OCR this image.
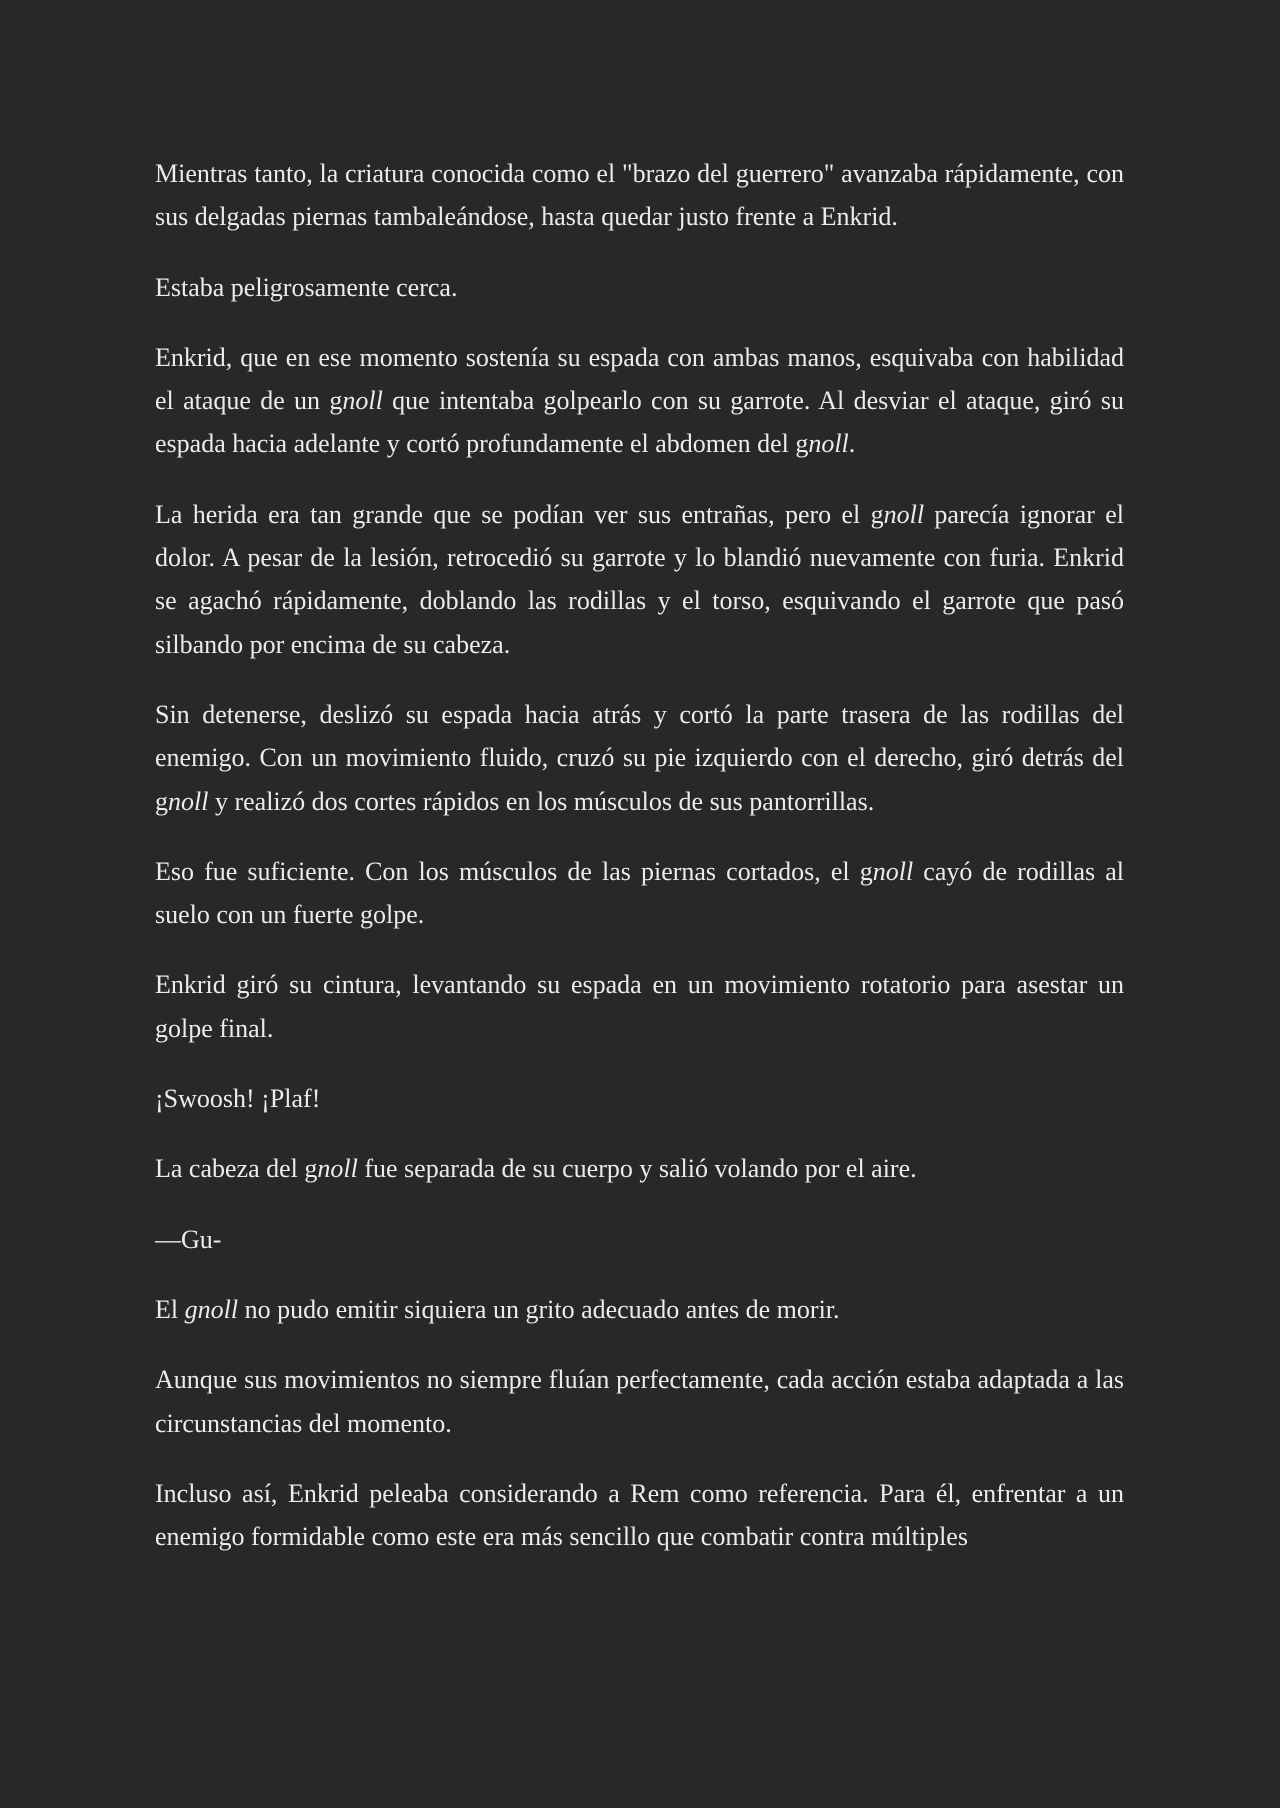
Mientras tanto, la criatura conocida como el "brazo del guerrero" avanzaba rápidamente, con sus delgadas piernas tambaleándose, hasta quedar justo frente a Enkrid.

Estaba peligrosamente cerca.

Enkrid, que en ese momento sostenía su espada con ambas manos, esquivaba con habilidad el ataque de un gnoll que intentaba golpearlo con su garrote. Al desviar el ataque, giró su espada hacia adelante y cortó profundamente el abdomen del gnoll.

La herida era tan grande que se podían ver sus entrañas, pero el gnoll parecía ignorar el dolor. A pesar de la lesión, retrocedió su garrote y lo blandió nuevamente con furia. Enkrid se agachó rápidamente, doblando las rodillas y el torso, esquivando el garrote que pasó silbando por encima de su cabeza.

Sin detenerse, deslizó su espada hacia atrás y cortó la parte trasera de las rodillas del enemigo. Con un movimiento fluido, cruzó su pie izquierdo con el derecho, giró detrás del gnoll y realizó dos cortes rápidos en los músculos de sus pantorrillas.

Eso fue suficiente. Con los músculos de las piernas cortados, el gnoll cayó de rodillas al suelo con un fuerte golpe.

Enkrid giró su cintura, levantando su espada en un movimiento rotatorio para asestar un golpe final.

¡Swoosh! ¡Plaf!

La cabeza del gnoll fue separada de su cuerpo y salió volando por el aire.

—Gu-

El gnoll no pudo emitir siquiera un grito adecuado antes de morir.

Aunque sus movimientos no siempre fluían perfectamente, cada acción estaba adaptada a las circunstancias del momento.

Incluso así, Enkrid peleaba considerando a Rem como referencia. Para él, enfrentar a un enemigo formidable como este era más sencillo que combatir contra múltiples
